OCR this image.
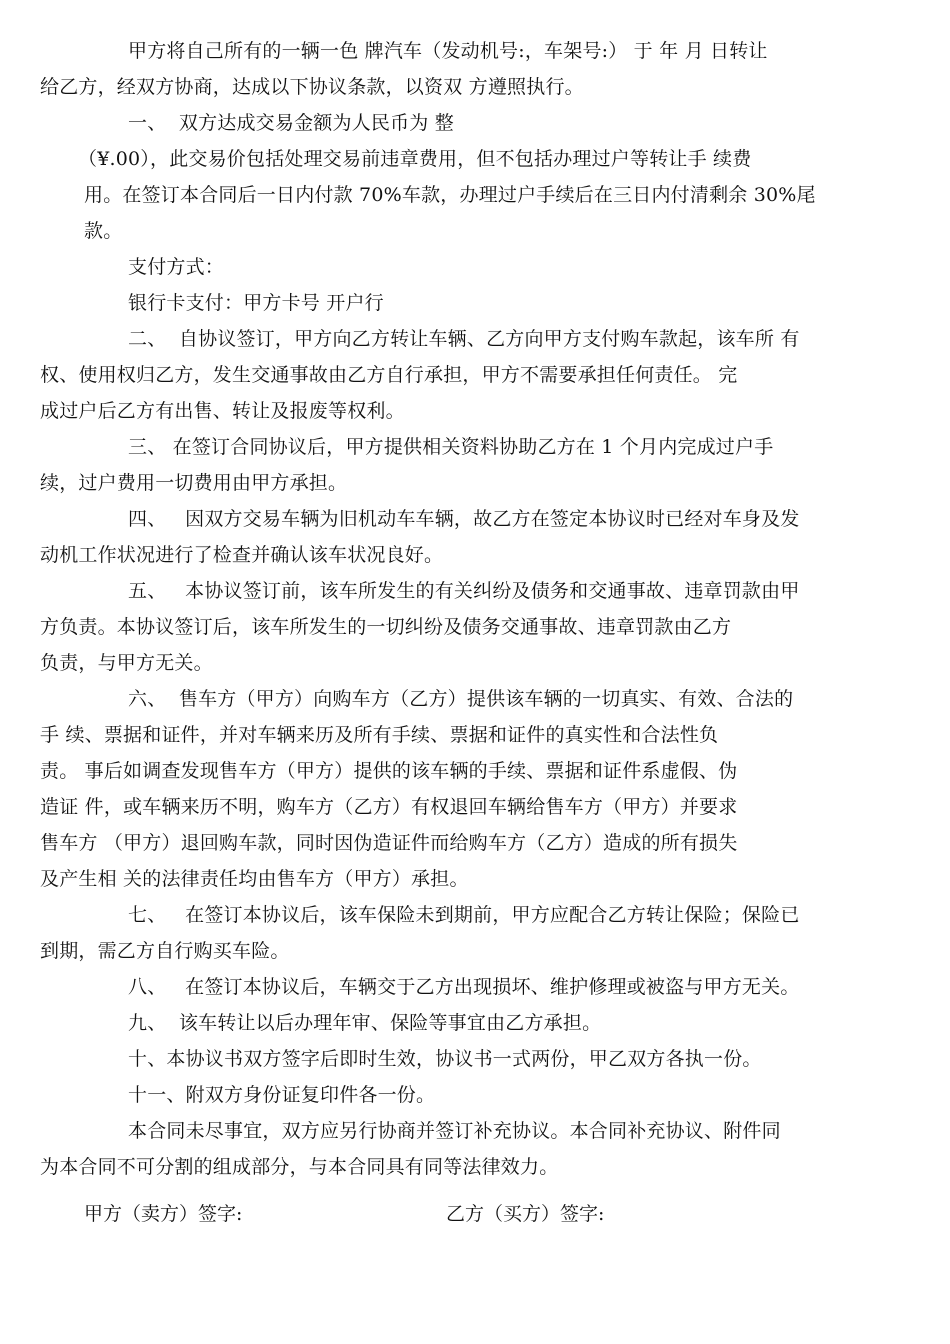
甲方将自己所有的一辆一色 牌汽车（发动机号:，车架号:） 于 年 月 日转让
给乙方，经双方协商，达成以下协议条款，以资双 方遵照执行。

一、  双方达成交易金额为人民币为 整

（¥.00），此交易价包括处理交易前违章费用，但不包括办理过户等转让手 续费
用。在签订本合同后一日内付款 70%车款，办理过户手续后在三日内付清剩余 30%尾
款。

支付方式：

银行卡支付：甲方卡号 开户行

二、  自协议签订，甲方向乙方转让车辆、乙方向甲方支付购车款起，该车所 有
权、使用权归乙方，发生交通事故由乙方自行承担，甲方不需要承担任何责任。 完
成过户后乙方有出售、转让及报废等权利。

三、 在签订合同协议后，甲方提供相关资料协助乙方在 1 个月内完成过户手
续，过户费用一切费用由甲方承担。

四、   因双方交易车辆为旧机动车车辆，故乙方在签定本协议时已经对车身及发
动机工作状况进行了检查并确认该车状况良好。

五、   本协议签订前，该车所发生的有关纠纷及债务和交通事故、违章罚款由甲
方负责。本协议签订后，该车所发生的一切纠纷及债务交通事故、违章罚款由乙方
负责，与甲方无关。

六、  售车方（甲方）向购车方（乙方）提供该车辆的一切真实、有效、合法的
手 续、票据和证件，并对车辆来历及所有手续、票据和证件的真实性和合法性负
责。 事后如调查发现售车方（甲方）提供的该车辆的手续、票据和证件系虚假、伪
造证 件，或车辆来历不明，购车方（乙方）有权退回车辆给售车方（甲方）并要求
售车方 （甲方）退回购车款，同时因伪造证件而给购车方（乙方）造成的所有损失
及产生相 关的法律责任均由售车方（甲方）承担。

七、   在签订本协议后，该车保险未到期前，甲方应配合乙方转让保险；保险已
到期，需乙方自行购买车险。

八、   在签订本协议后，车辆交于乙方出现损坏、维护修理或被盗与甲方无关。

九、  该车转让以后办理年审、保险等事宜由乙方承担。

十、本协议书双方签字后即时生效，协议书一式两份，甲乙双方各执一份。

十一、附双方身份证复印件各一份。

本合同未尽事宜，双方应另行协商并签订补充协议。本合同补充协议、附件同
为本合同不可分割的组成部分，与本合同具有同等法律效力。

甲方（卖方）签字:	乙方（买方）签字:
